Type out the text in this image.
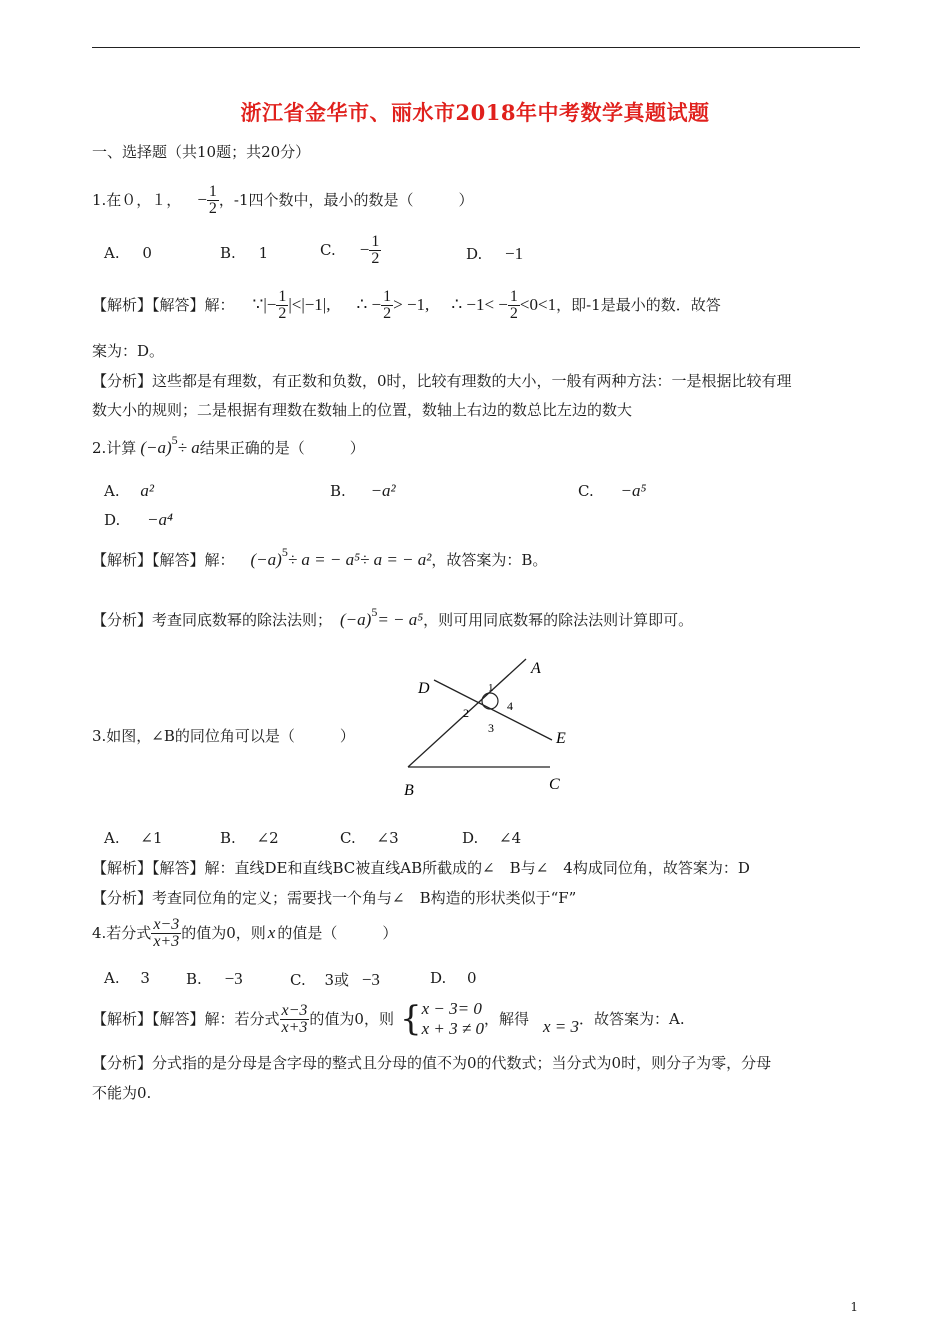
浙江省金华市、丽水市2018年中考数学真题试题
一、选择题（共10题；共20分）
1.在０，１， − $\frac{1}{2}$ ，-1四个数中，最小的数是（　　　）
A. 0	B. 1	C. − $\frac{1}{2}$	D. −1
【解析】【解答】解： ∵|− $\frac{1}{2} |<|-1|$, ∴ − $\frac{1}{2} > -1$, ∴ $-1< - \frac{1}{2} <0<1$ ，即-1是最小的数．故答
案为：D。
【分析】这些都是有理数，有正数和负数，0时，比较有理数的大小，一般有两种方法：一是根据比较有理
数大小的规则；二是根据有理数在数轴上的位置，数轴上右边的数总比左边的数大
2.计算 $(-a)^5 \div a$ 结果正确的是（　　　）
A. a²	B. −a²	C. −a⁵
D. −a⁴
【解析】【解答】解： $(-a)^5 \div a$ = − a⁵÷ a = − a² ，故答案为：B。
【分析】考查同底数幂的除法法则； $(-a)^5$ = − a⁵ ，则可用同底数幂的除法法则计算即可。
3.如图，∠B的同位角可以是（　　　）
A
B	C
D
E
1
2
3
4
A. ∠1	B. ∠2	C. ∠3	D. ∠4
【解析】【解答】解：直线DE和直线BC被直线AB所截成的∠　B与∠　4构成同位角，故答案为：D
【分析】考查同位角的定义；需要找一个角与∠　B构造的形状类似于“F”
4.若分式 $\frac{x-3}{x+3}$ 的值为0，则 x 的值是（　　　）
A. 3 B. −3	C. 3或 −3	D. 0
【解析】【解答】解：若分式 $\frac{x-3}{x+3}$ 的值为0，则 { x − 3= 0
x + 3 ≠ 0 ，解得 x = 3 ．故答案为：A.
【分析】分式指的是分母是含字母的整式且分母的值不为0的代数式；当分式为0时，则分子为零，分母
不能为0.
1
